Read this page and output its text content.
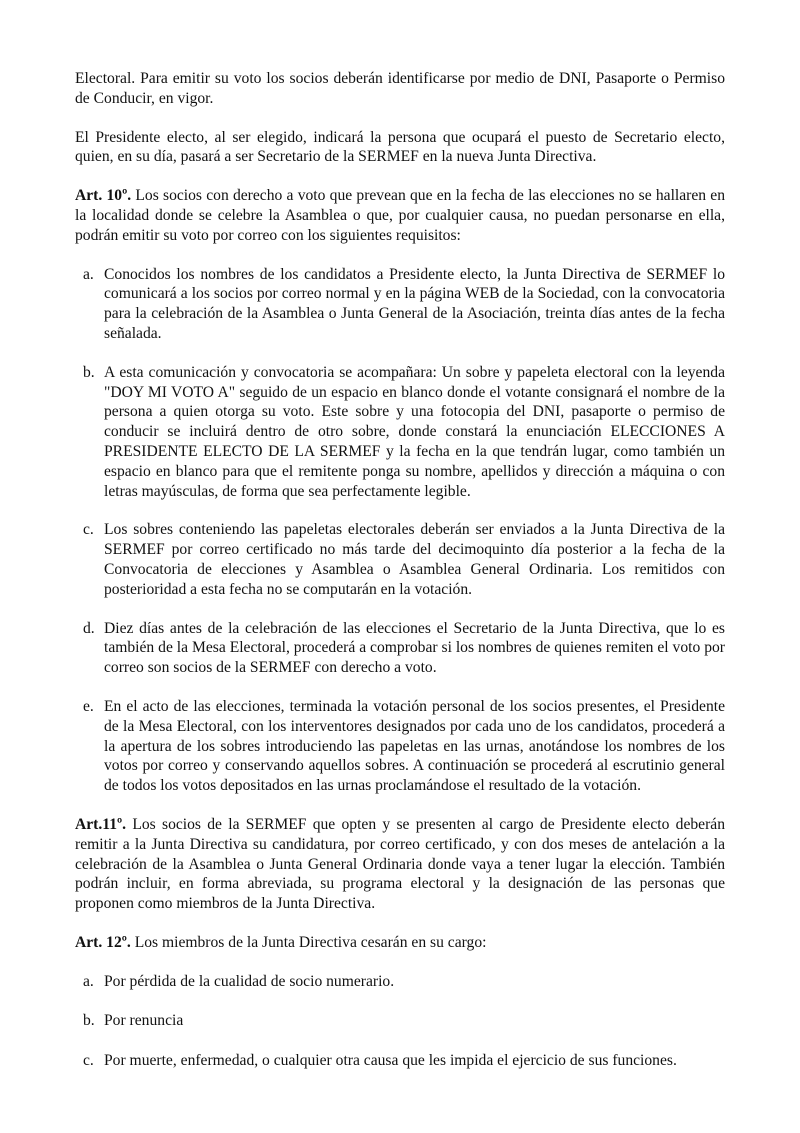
Electoral. Para emitir su voto los socios deberán identificarse por medio de DNI, Pasaporte o Permiso de Conducir, en vigor.

El Presidente electo, al ser elegido, indicará la persona que ocupará el puesto de Secretario electo, quien, en su día, pasará a ser Secretario de la SERMEF en la nueva Junta Directiva.

Art. 10º. Los socios con derecho a voto que prevean que en la fecha de las elecciones no se hallaren en la localidad donde se celebre la Asamblea o que, por cualquier causa, no puedan personarse en ella, podrán emitir su voto por correo con los siguientes requisitos:

a. Conocidos los nombres de los candidatos a Presidente electo, la Junta Directiva de SERMEF lo comunicará a los socios por correo normal y en la página WEB de la Sociedad, con la convocatoria para la celebración de la Asamblea o Junta General de la Asociación, treinta días antes de la fecha señalada.
b. A esta comunicación y convocatoria se acompañara: Un sobre y papeleta electoral con la leyenda "DOY MI VOTO A" seguido de un espacio en blanco donde el votante consignará el nombre de la persona a quien otorga su voto. Este sobre y una fotocopia del DNI, pasaporte o permiso de conducir se incluirá dentro de otro sobre, donde constará la enunciación ELECCIONES A PRESIDENTE ELECTO DE LA SERMEF y la fecha en la que tendrán lugar, como también un espacio en blanco para que el remitente ponga su nombre, apellidos y dirección a máquina o con letras mayúsculas, de forma que sea perfectamente legible.
c. Los sobres conteniendo las papeletas electorales deberán ser enviados a la Junta Directiva de la SERMEF por correo certificado no más tarde del decimoquinto día posterior a la fecha de la Convocatoria de elecciones y Asamblea o Asamblea General Ordinaria. Los remitidos con posterioridad a esta fecha no se computarán en la votación.
d. Diez días antes de la celebración de las elecciones el Secretario de la Junta Directiva, que lo es también de la Mesa Electoral, procederá a comprobar si los nombres de quienes remiten el voto por correo son socios de la SERMEF con derecho a voto.
e. En el acto de las elecciones, terminada la votación personal de los socios presentes, el Presidente de la Mesa Electoral, con los interventores designados por cada uno de los candidatos, procederá a la apertura de los sobres introduciendo las papeletas en las urnas, anotándose los nombres de los votos por correo y conservando aquellos sobres. A continuación se procederá al escrutinio general de todos los votos depositados en las urnas proclamándose el resultado de la votación.

Art.11º. Los socios de la SERMEF que opten y se presenten al cargo de Presidente electo deberán remitir a la Junta Directiva su candidatura, por correo certificado, y con dos meses de antelación a la celebración de la Asamblea o Junta General Ordinaria donde vaya a tener lugar la elección. También podrán incluir, en forma abreviada, su programa electoral y la designación de las personas que proponen como miembros de la Junta Directiva.

Art. 12º. Los miembros de la Junta Directiva cesarán en su cargo:

a. Por pérdida de la cualidad de socio numerario.
b. Por renuncia
c. Por muerte, enfermedad, o cualquier otra causa que les impida el ejercicio de sus funciones.
